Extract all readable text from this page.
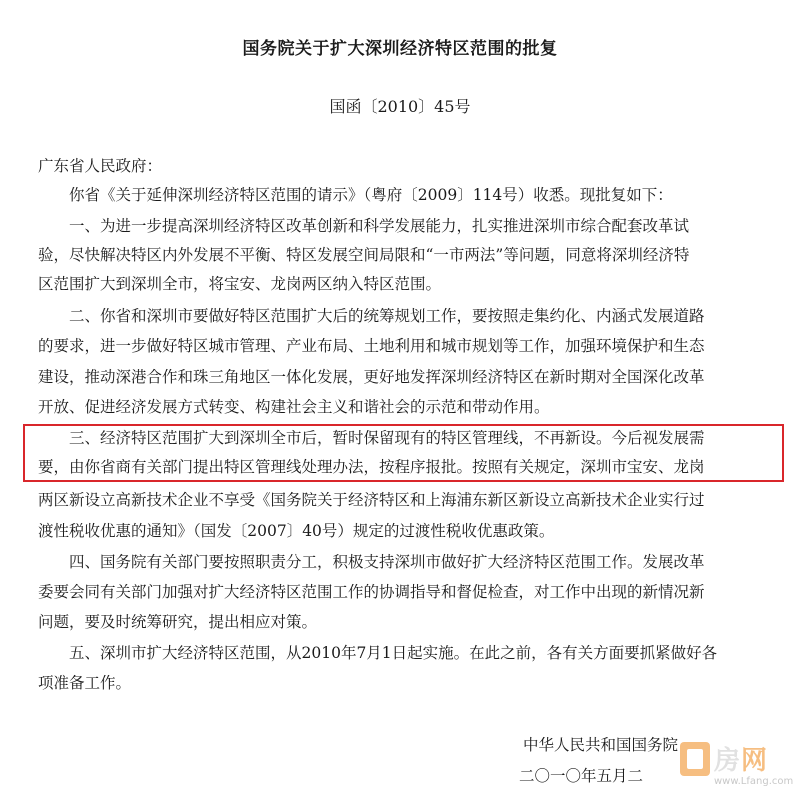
国务院关于扩大深圳经济特区范围的批复
国函〔2010〕45号
广东省人民政府：
　　你省《关于延伸深圳经济特区范围的请示》（粤府〔2009〕114号）收悉。现批复如下：
　　一、为进一步提高深圳经济特区改革创新和科学发展能力，扎实推进深圳市综合配套改革试
验，尽快解决特区内外发展不平衡、特区发展空间局限和“一市两法”等问题，同意将深圳经济特
区范围扩大到深圳全市，将宝安、龙岗两区纳入特区范围。
　　二、你省和深圳市要做好特区范围扩大后的统筹规划工作，要按照走集约化、内涵式发展道路
的要求，进一步做好特区城市管理、产业布局、土地利用和城市规划等工作，加强环境保护和生态
建设，推动深港合作和珠三角地区一体化发展，更好地发挥深圳经济特区在新时期对全国深化改革
开放、促进经济发展方式转变、构建社会主义和谐社会的示范和带动作用。
　　三、经济特区范围扩大到深圳全市后，暂时保留现有的特区管理线，不再新设。今后视发展需
要，由你省商有关部门提出特区管理线处理办法，按程序报批。按照有关规定，深圳市宝安、龙岗
两区新设立高新技术企业不享受《国务院关于经济特区和上海浦东新区新设立高新技术企业实行过
渡性税收优惠的通知》（国发〔2007〕40号）规定的过渡性税收优惠政策。
　　四、国务院有关部门要按照职责分工，积极支持深圳市做好扩大经济特区范围工作。发展改革
委要会同有关部门加强对扩大经济特区范围工作的协调指导和督促检查，对工作中出现的新情况新
问题，要及时统筹研究，提出相应对策。
　　五、深圳市扩大经济特区范围，从2010年7月1日起实施。在此之前，各有关方面要抓紧做好各
项准备工作。
中华人民共和国国务院
二〇一〇年五月二	房网
www.Lfang.com
